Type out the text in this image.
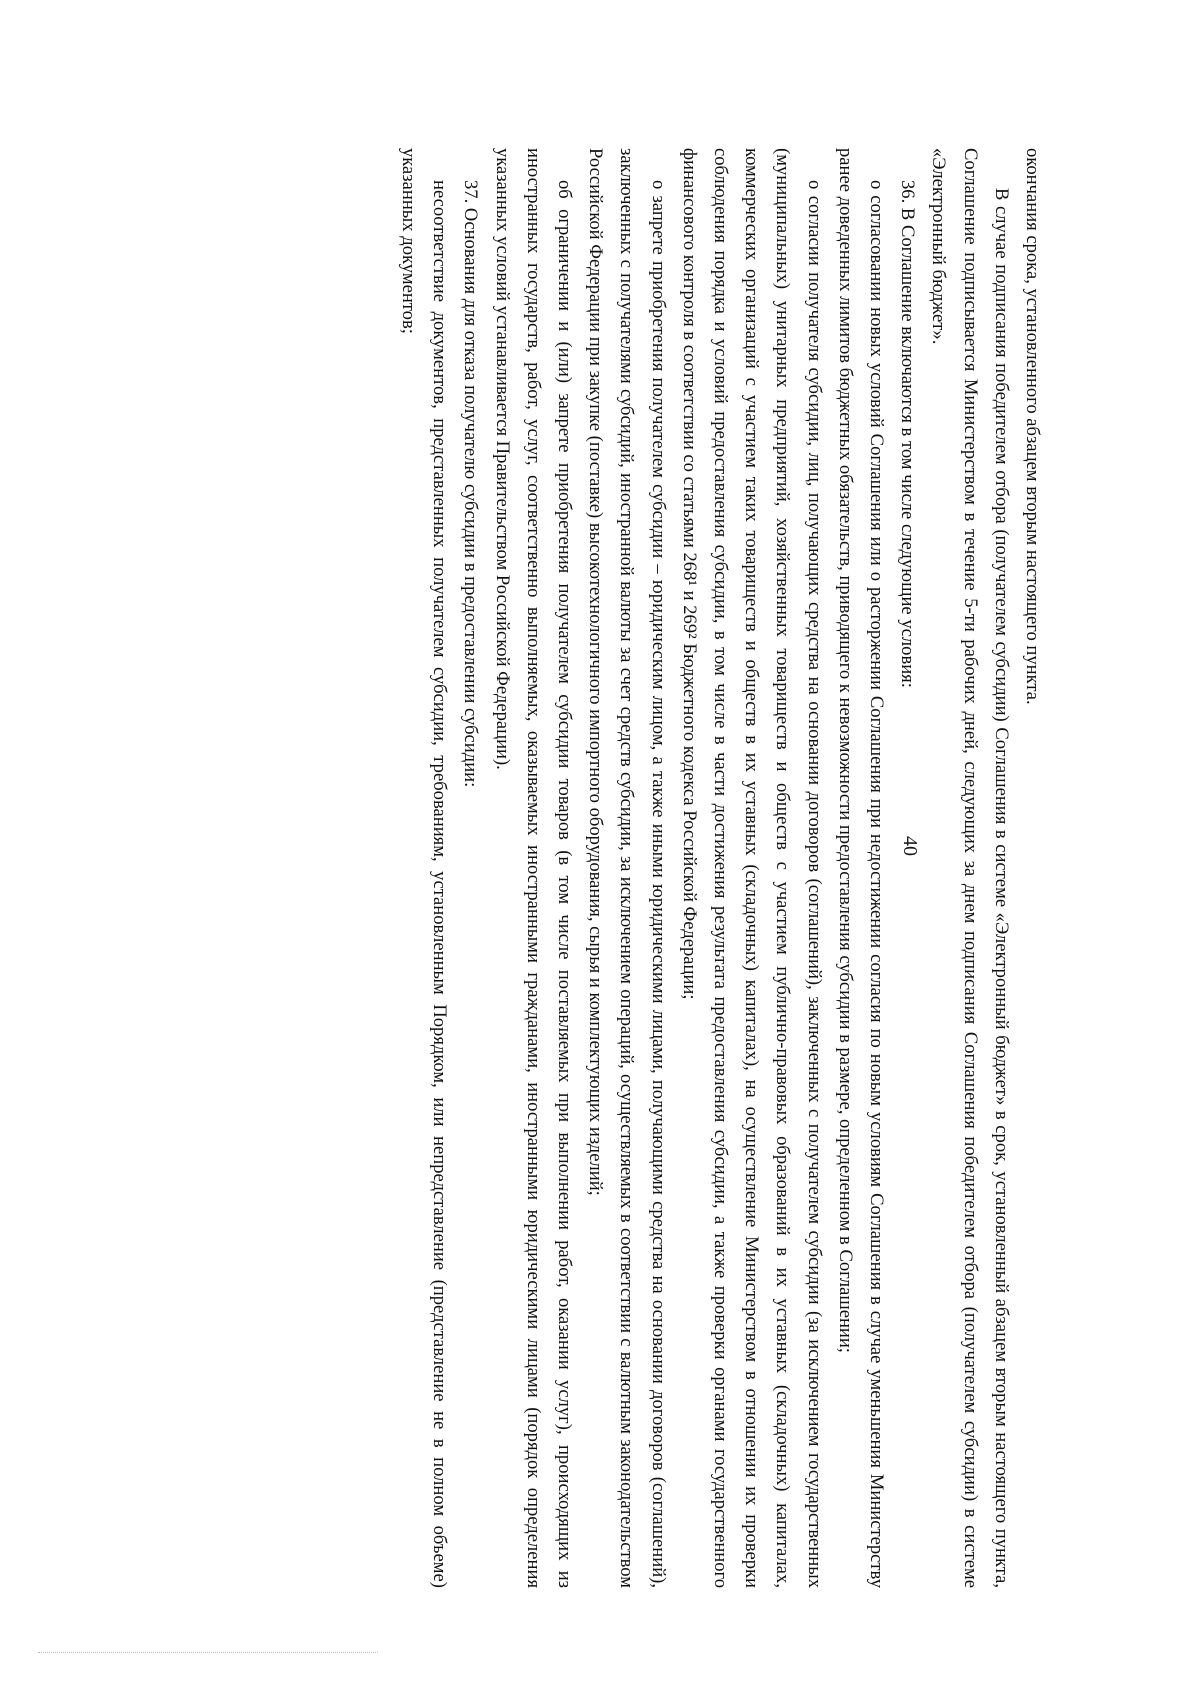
40

окончания срока, установленного абзацем вторым настоящего пункта.

В случае подписания победителем отбора (получателем субсидии) Соглашения в системе «Электронный бюджет» в срок, установленный абзацем вторым настоящего пункта, Соглашение подписывается Министерством в течение 5-ти рабочих дней, следующих за днем подписания Соглашения победителем отбора (получателем субсидии) в системе «Электронный бюджет».

36. В Соглашение включаются в том числе следующие условия:

о согласовании новых условий Соглашения или о расторжении Соглашения при недостижении согласия по новым условиям Соглашения в случае уменьшения Министерству ранее доведенных лимитов бюджетных обязательств, приводящего к невозможности предоставления субсидии в размере, определенном в Соглашении;

о согласии получателя субсидии, лиц, получающих средства на основании договоров (соглашений), заключенных с получателем субсидии (за исключением государственных (муниципальных) унитарных предприятий, хозяйственных товариществ и обществ с участием публично-правовых образований в их уставных (складочных) капиталах, коммерческих организаций с участием таких товариществ и обществ в их уставных (складочных) капиталах), на осуществление Министерством в отношении их проверки соблюдения порядка и условий предоставления субсидии, в том числе в части достижения результата предоставления субсидии, а также проверки органами государственного финансового контроля в соответствии со статьями 268¹ и 269² Бюджетного кодекса Российской Федерации;

о запрете приобретения получателем субсидии – юридическим лицом, а также иными юридическими лицами, получающими средства на основании договоров (соглашений), заключенных с получателями субсидий, иностранной валюты за счет средств субсидии, за исключением операций, осуществляемых в соответствии с валютным законодательством Российской Федерации при закупке (поставке) высокотехнологичного импортного оборудования, сырья и комплектующих изделий;

об ограничении и (или) запрете приобретения получателем субсидии товаров (в том числе поставляемых при выполнении работ, оказании услуг), происходящих из иностранных государств, работ, услуг, соответственно выполняемых, оказываемых иностранными гражданами, иностранными юридическими лицами (порядок определения указанных условий устанавливается Правительством Российской Федерации).

37. Основания для отказа получателю субсидии в предоставлении субсидии:

несоответствие документов, представленных получателем субсидии, требованиям, установленным Порядком, или непредставление (представление не в полном объеме) указанных документов;
